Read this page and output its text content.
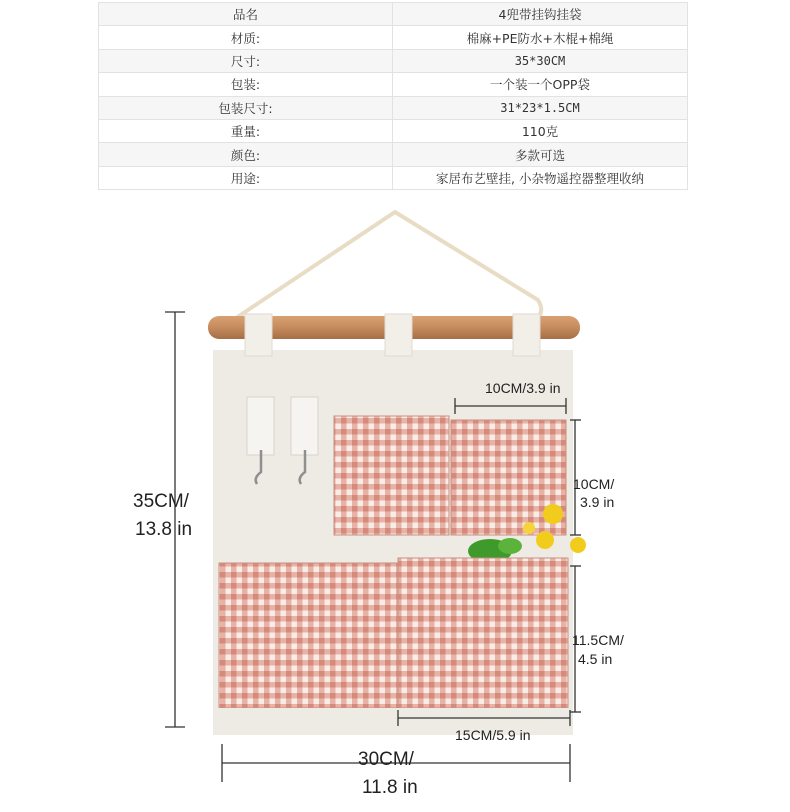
品名	4兜带挂钩挂袋
材质:	棉麻+PE防水+木棍+棉绳
尺寸:	35*30CM
包装:	一个装一个OPP袋
包装尺寸:	31*23*1.5CM
重量:	110克
颜色:	多款可选
用途:	家居布艺壁挂, 小杂物遥控器整理收纳
35CM/
13.8 in
30CM/
11.8 in
10CM/3.9 in
10CM/
3.9 in
11.5CM/
4.5 in
15CM/5.9 in
